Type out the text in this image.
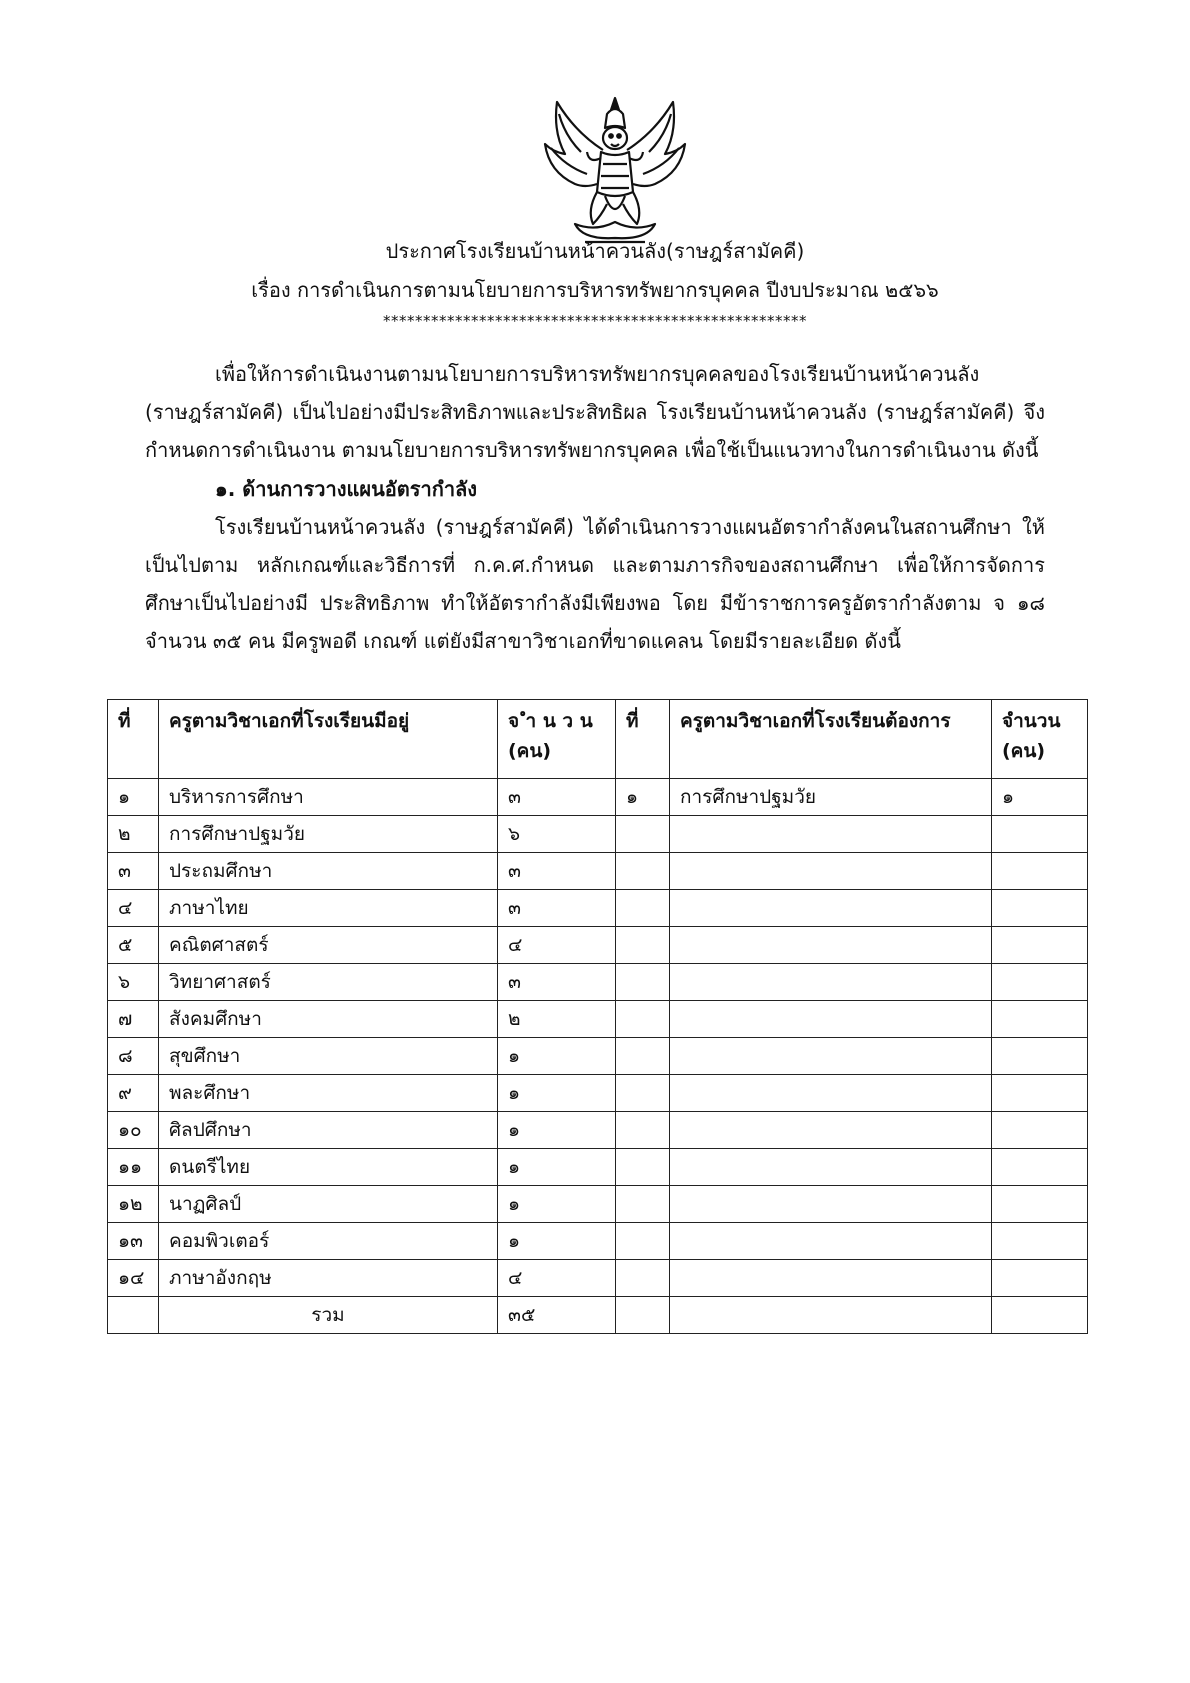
ประกาศโรงเรียนบ้านหน้าควนลัง(ราษฎร์สามัคคี)
เรื่อง การดำเนินการตามนโยบายการบริหารทรัพยากรบุคคล ปีงบประมาณ ๒๕๖๖
*****************************************************
เพื่อให้การดำเนินงานตามนโยบายการบริหารทรัพยากรบุคคลของโรงเรียนบ้านหน้าควนลัง (ราษฎร์สามัคคี) เป็นไปอย่างมีประสิทธิภาพและประสิทธิผล โรงเรียนบ้านหน้าควนลัง (ราษฎร์สามัคคี) จึงกำหนดการดำเนินงาน ตามนโยบายการบริหารทรัพยากรบุคคล เพื่อใช้เป็นแนวทางในการดำเนินงาน ดังนี้
๑. ด้านการวางแผนอัตรากำลัง
โรงเรียนบ้านหน้าควนลัง (ราษฎร์สามัคคี) ได้ดำเนินการวางแผนอัตรากำลังคนในสถานศึกษา ให้เป็นไปตาม หลักเกณฑ์และวิธีการที่ ก.ค.ศ.กำหนด และตามภารกิจของสถานศึกษา เพื่อให้การจัดการศึกษาเป็นไปอย่างมี ประสิทธิภาพ ทำให้อัตรากำลังมีเพียงพอ โดย มีข้าราชการครูอัตรากำลังตาม จ ๑๘ จำนวน ๓๕ คน มีครูพอดี เกณฑ์ แต่ยังมีสาขาวิชาเอกที่ขาดแคลน โดยมีรายละเอียด ดังนี้
ที่	ครูตามวิชาเอกที่โรงเรียนมีอยู่	จ ำ น ว น (คน)	ที่	ครูตามวิชาเอกที่โรงเรียนต้องการ	จำนวน (คน)
๑	บริหารการศึกษา	๓	๑	การศึกษาปฐมวัย	๑
๒	การศึกษาปฐมวัย	๖			
๓	ประถมศึกษา	๓			
๔	ภาษาไทย	๓			
๕	คณิตศาสตร์	๔			
๖	วิทยาศาสตร์	๓			
๗	สังคมศึกษา	๒			
๘	สุขศึกษา	๑			
๙	พละศึกษา	๑			
๑๐	ศิลปศึกษา	๑			
๑๑	ดนตรีไทย	๑			
๑๒	นาฏศิลป์	๑			
๑๓	คอมพิวเตอร์	๑			
๑๔	ภาษาอังกฤษ	๔			
	รวม	๓๕			
